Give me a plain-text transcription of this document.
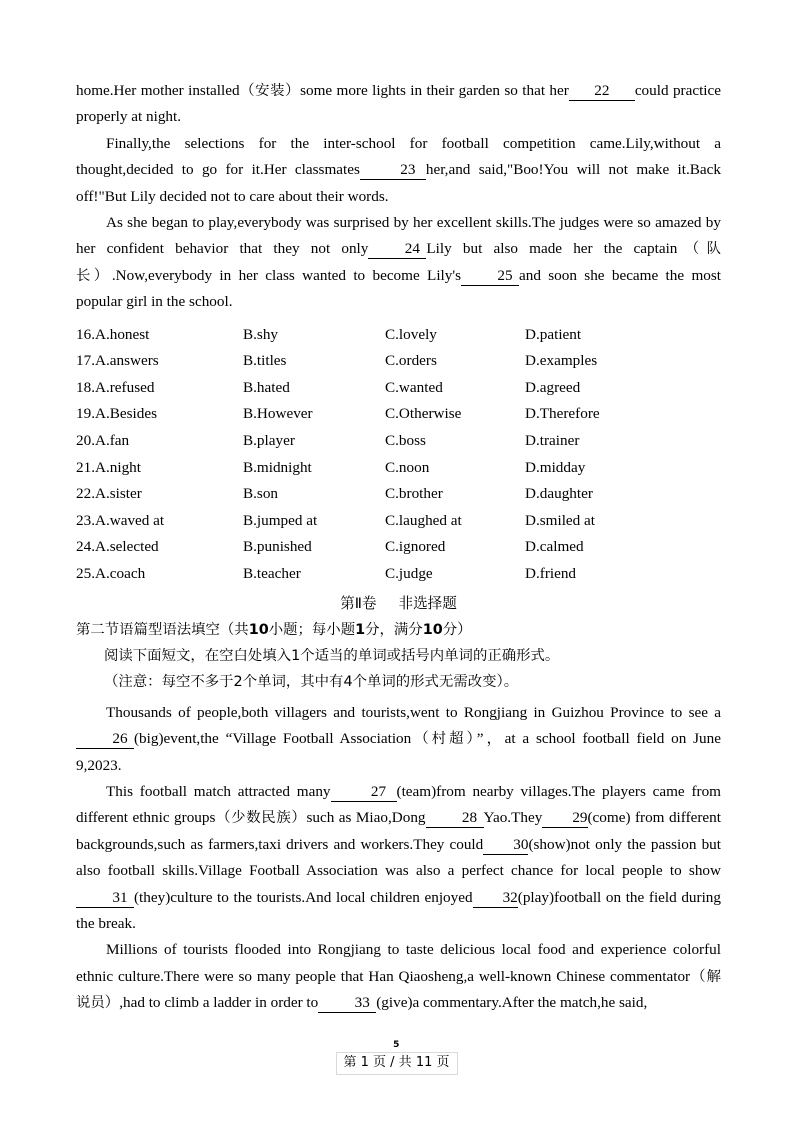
home.Her mother installed（安装）some more lights in their garden so that her 22 could practice properly at night.

Finally,the selections for the inter-school for football competition came.Lily,without a thought,decided to go for it.Her classmates	23 her,and said,"Boo!You will not make it.Back off!"But Lily decided not to care about their words.

As she began to play,everybody was surprised by her excellent skills.The judges were so amazed by her confident behavior that they not only 24 Lily but also made her the captain（队长）.Now,everybody in her class wanted to become Lily's 25 and soon she became the most popular girl in the school.

16.A.honest	B.shy	C.lovely	D.patient
17.A.answers	B.titles	C.orders	D.examples
18.A.refused	B.hated	C.wanted	D.agreed
19.A.Besides	B.However	C.Otherwise	D.Therefore
20.A.fan	B.player	C.boss	D.trainer
21.A.night	B.midnight	C.noon	D.midday
22.A.sister	B.son	C.brother	D.daughter
23.A.waved at	B.jumped at	C.laughed at	D.smiled at
24.A.selected	B.punished	C.ignored	D.calmed
25.A.coach	B.teacher	C.judge	D.friend
第Ⅱ卷 非选择题
第二节语篇型语法填空（共10小题；每小题1分，满分10分）
阅读下面短文，在空白处填入1个适当的单词或括号内单词的正确形式。
（注意：每空不多于2个单词，其中有4个单词的形式无需改变）。

Thousands of people,both villagers and tourists,went to Rongjiang in Guizhou Province to see a26 (big)event,the “Village Football Association（村超）”，at a school football field on June 9,2023.

This football match attracted many	27 (team)from nearby villages.The players came from different ethnic groups（少数民族）such as Miao,Dong 28 Yao.They 29(come) from different backgrounds,such as farmers,taxi drivers and workers.They could 30(show)not only the passion but also football skills.Village Football Association was also a perfect chance for local people to show31 (they)culture to the tourists.And local children enjoyed 32(play)football on the field during the break.

Millions of tourists flooded into Rongjiang to taste delicious local food and experience colorful ethnic culture.There were so many people that Han Qiaosheng,a well-known Chinese commentator（解说员）,had to climb a ladder in order to 33 (give)a commentary.After the match,he said,

5
第 1 页 / 共 11 页
